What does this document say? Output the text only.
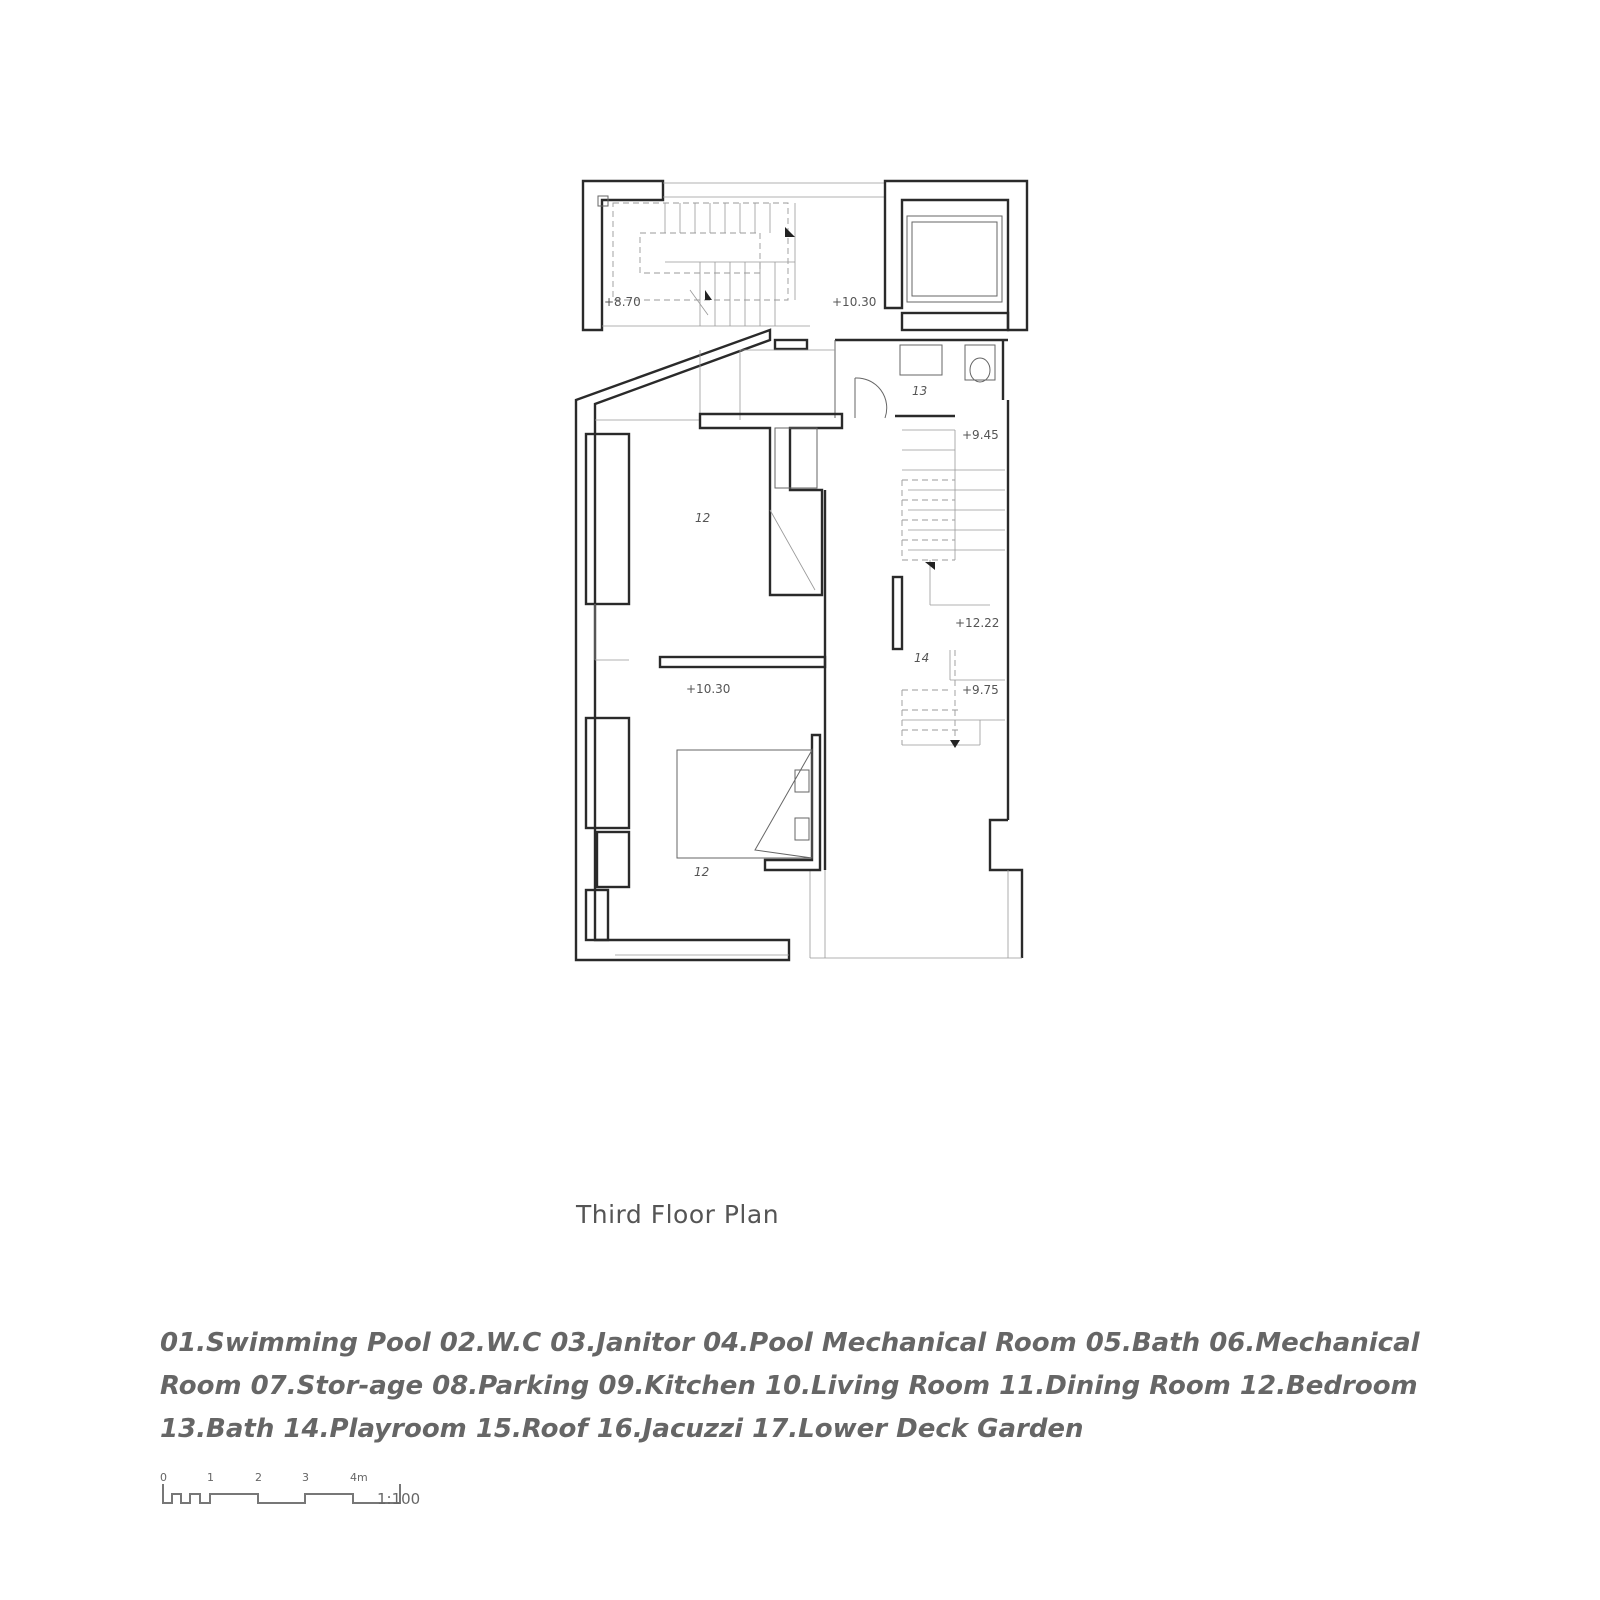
+8.70	+10.30
+9.45
+12.22
+9.75
+10.30
13
12
12
14
Third Floor Plan
01.Swimming Pool 02.W.C 03.Janitor 04.Pool Mechanical Room 05.Bath 06.Mechanical Room 07.Stor-age 08.Parking 09.Kitchen 10.Living Room 11.Dining Room 12.Bedroom 13.Bath 14.Playroom 15.Roof 16.Jacuzzi 17.Lower Deck Garden
0	1	2	3	4m
1:100
